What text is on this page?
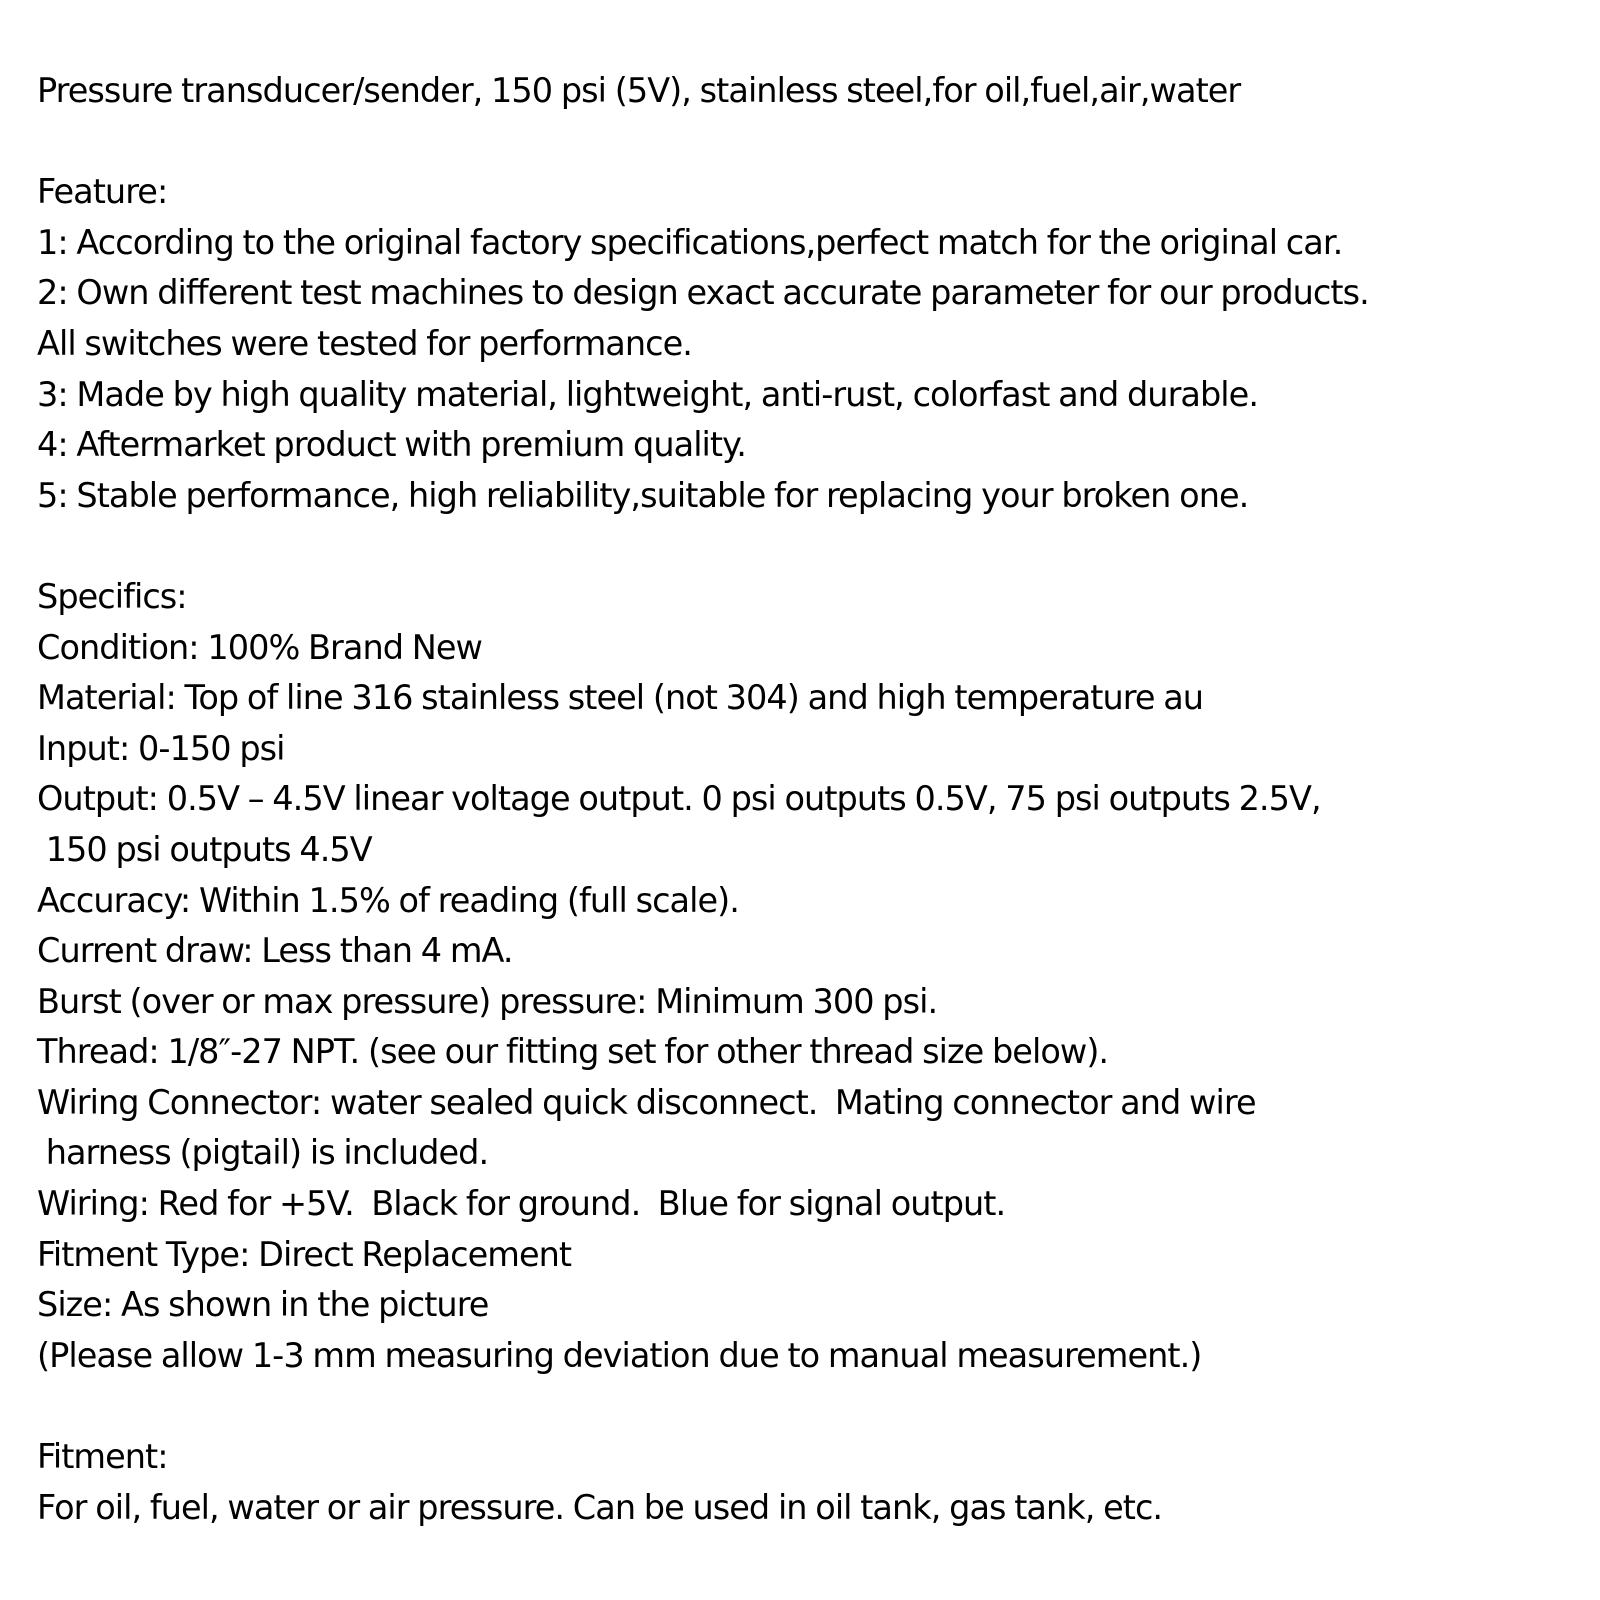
Pressure transducer/sender, 150 psi (5V), stainless steel,for oil,fuel,air,water
Feature:
1: According to the original factory specifications,perfect match for the original car.
2: Own different test machines to design exact accurate parameter for our products.
All switches were tested for performance.
3: Made by high quality material, lightweight, anti-rust, colorfast and durable.
4: Aftermarket product with premium quality.
5: Stable performance, high reliability,suitable for replacing your broken one.
Specifics:
Condition: 100% Brand New
Material: Top of line 316 stainless steel (not 304) and high temperature au
Input: 0-150 psi
Output: 0.5V – 4.5V linear voltage output. 0 psi outputs 0.5V, 75 psi outputs 2.5V,
150 psi outputs 4.5V
Accuracy: Within 1.5% of reading (full scale).
Current draw: Less than 4 mA.
Burst (over or max pressure) pressure: Minimum 300 psi.
Thread: 1/8″-27 NPT. (see our fitting set for other thread size below).
Wiring Connector: water sealed quick disconnect.  Mating connector and wire
harness (pigtail) is included.
Wiring: Red for +5V.  Black for ground.  Blue for signal output.
Fitment Type: Direct Replacement
Size: As shown in the picture
(Please allow 1-3 mm measuring deviation due to manual measurement.)
Fitment:
For oil, fuel, water or air pressure. Can be used in oil tank, gas tank, etc.
